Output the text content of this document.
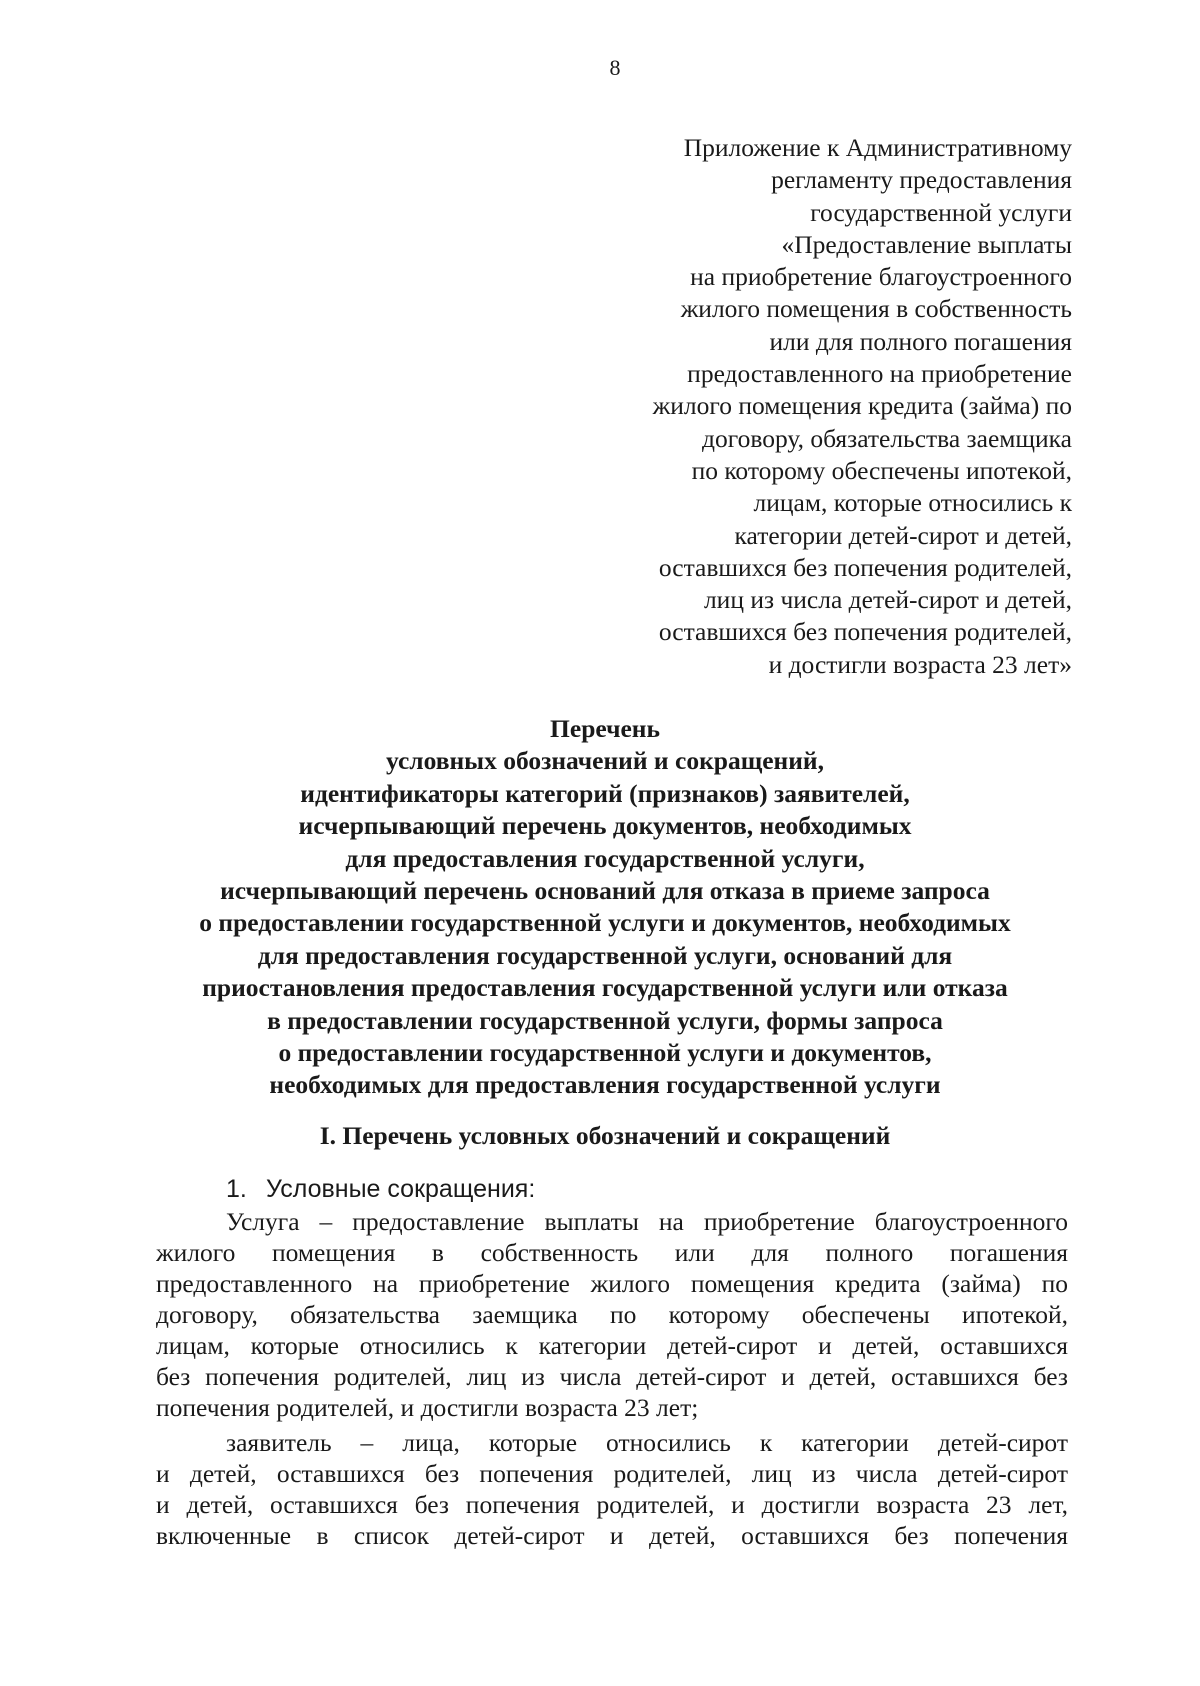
8
Приложение к Административному
регламенту предоставления
государственной услуги
«Предоставление выплаты
на приобретение благоустроенного
жилого помещения в собственность
или для полного погашения
предоставленного на приобретение
жилого помещения кредита (займа) по
договору, обязательства заемщика
по которому обеспечены ипотекой,
лицам, которые относились к
категории детей-сирот и детей,
оставшихся без попечения родителей,
лиц из числа детей-сирот и детей,
оставшихся без попечения родителей,
и достигли возраста 23 лет»
Перечень
условных обозначений и сокращений,
идентификаторы категорий (признаков) заявителей,
исчерпывающий перечень документов, необходимых
для предоставления государственной услуги,
исчерпывающий перечень оснований для отказа в приеме запроса
о предоставлении государственной услуги и документов, необходимых
для предоставления государственной услуги, оснований для
приостановления предоставления государственной услуги или отказа
в предоставлении государственной услуги, формы запроса
о предоставлении государственной услуги и документов,
необходимых для предоставления государственной услуги
I. Перечень условных обозначений и сокращений
1. Условные сокращения:
Услуга – предоставление выплаты на приобретение благоустроенного
жилого помещения в собственность или для полного погашения
предоставленного на приобретение жилого помещения кредита (займа) по
договору, обязательства заемщика по которому обеспечены ипотекой,
лицам, которые относились к категории детей-сирот и детей, оставшихся
без попечения родителей, лиц из числа детей-сирот и детей, оставшихся без
попечения родителей, и достигли возраста 23 лет;
заявитель – лица, которые относились к категории детей-сирот
и детей, оставшихся без попечения родителей, лиц из числа детей-сирот
и детей, оставшихся без попечения родителей, и достигли возраста 23 лет,
включенные в список детей-сирот и детей, оставшихся без попечения
